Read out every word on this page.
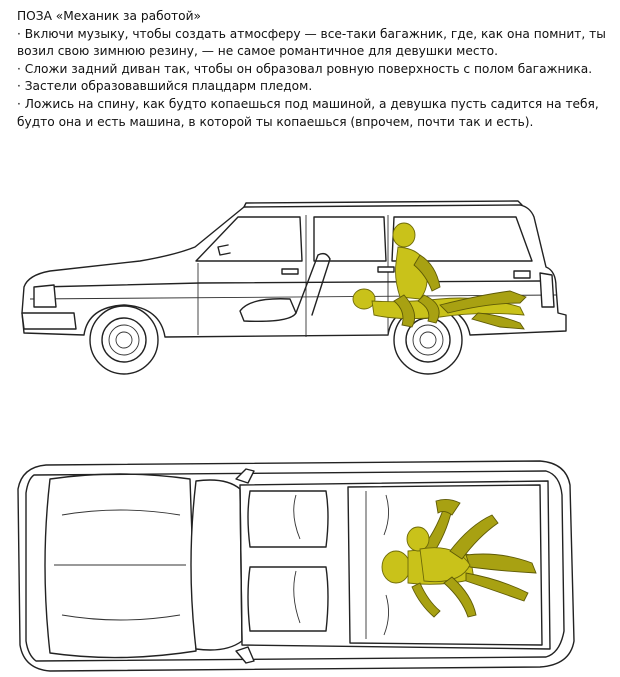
ПОЗА «Механик за работой»

· Включи музыку, чтобы создать атмосферу — все-таки багажник, где, как она помнит, ты возил свою зимнюю резину, — не самое романтичное для девушки место.

· Сложи задний диван так, чтобы он образовал ровную поверхность с полом багажника.

· Застели образовавшийся плацдарм пледом.

· Ложись на спину, как будто копаешься под машиной, а девушка пусть садится на тебя, будто она и есть машина, в которой ты копаешься (впрочем, почти так и есть).
